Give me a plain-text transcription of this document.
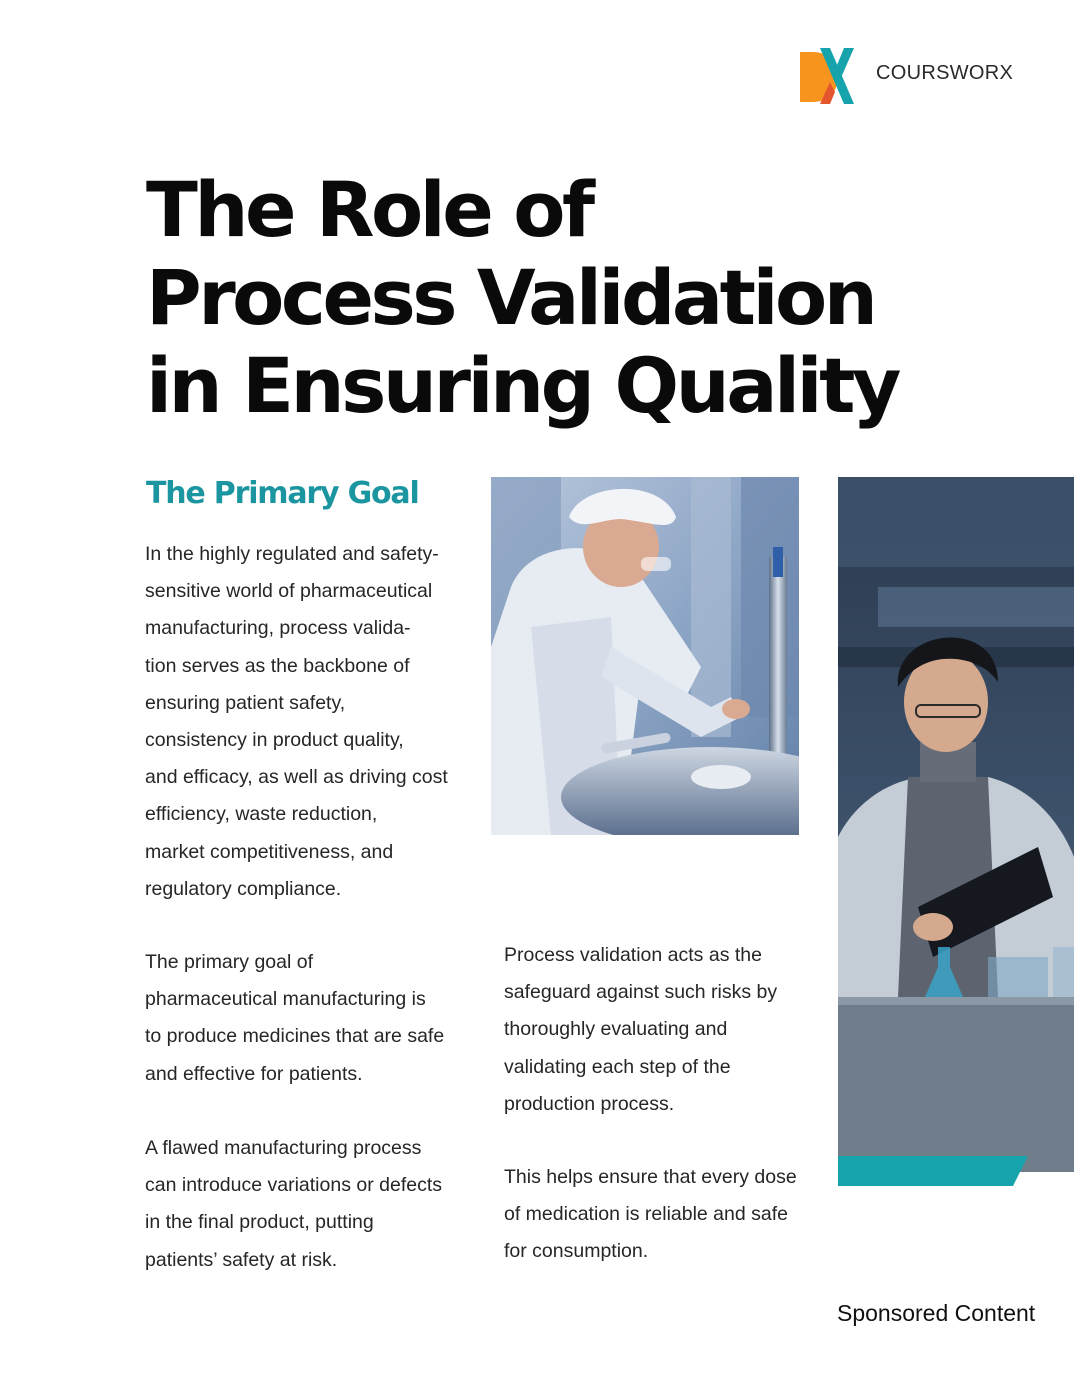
COURSWORX
The Role of
Process Validation
in Ensuring Quality
The Primary Goal

In the highly regulated and safety-
sensitive world of pharmaceutical
manufacturing, process valida-
tion serves as the backbone of
ensuring patient safety,
consistency in product quality,
and efficacy, as well as driving cost
efficiency, waste reduction,
market competitiveness, and
regulatory compliance.

The primary goal of
pharmaceutical manufacturing is
to produce medicines that are safe
and effective for patients.

A flawed manufacturing process
can introduce variations or defects
in the final product, putting
patients’ safety at risk.

Process validation acts as the
safeguard against such risks by
thoroughly evaluating and
validating each step of the
production process.

This helps ensure that every dose
of medication is reliable and safe
for consumption.

Sponsored Content
